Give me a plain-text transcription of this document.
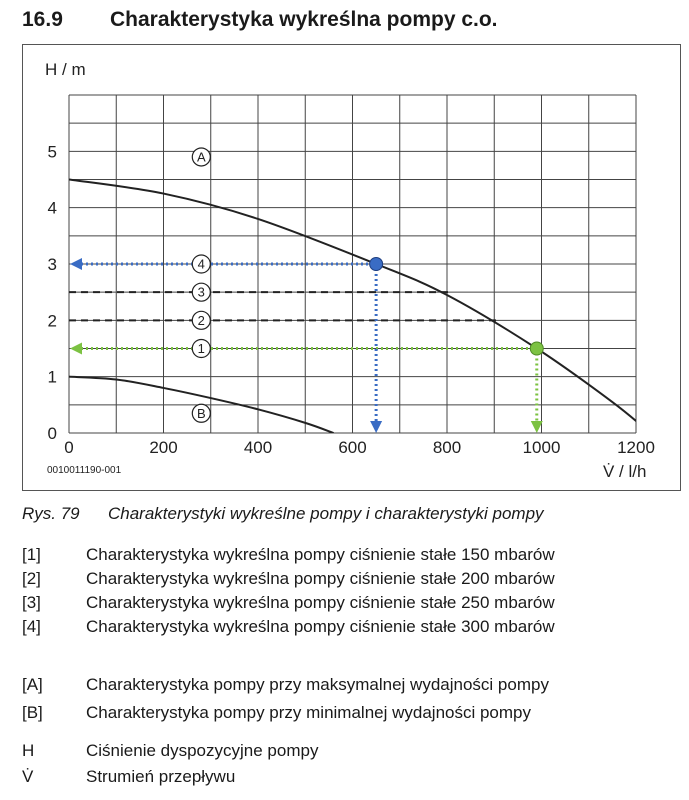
16.9	Charakterystyka wykreślna pompy c.o.
A
B
1
2
3
4
0	200	400	600	800	1000	1200
0
1
2
3
4
5
H / m
V̇ / l/h
0010011190-001
Rys. 79 Charakterystyki wykreślne pompy i charakterystyki pompy
[1]	Charakterystyka wykreślna pompy ciśnienie stałe 150 mbarów
[2]	Charakterystyka wykreślna pompy ciśnienie stałe 200 mbarów
[3]	Charakterystyka wykreślna pompy ciśnienie stałe 250 mbarów
[4]	Charakterystyka wykreślna pompy ciśnienie stałe 300 mbarów
[A]	Charakterystyka pompy przy maksymalnej wydajności pompy
[B]	Charakterystyka pompy przy minimalnej wydajności pompy
H	Ciśnienie dyspozycyjne pompy
V̇	Strumień przepływu
